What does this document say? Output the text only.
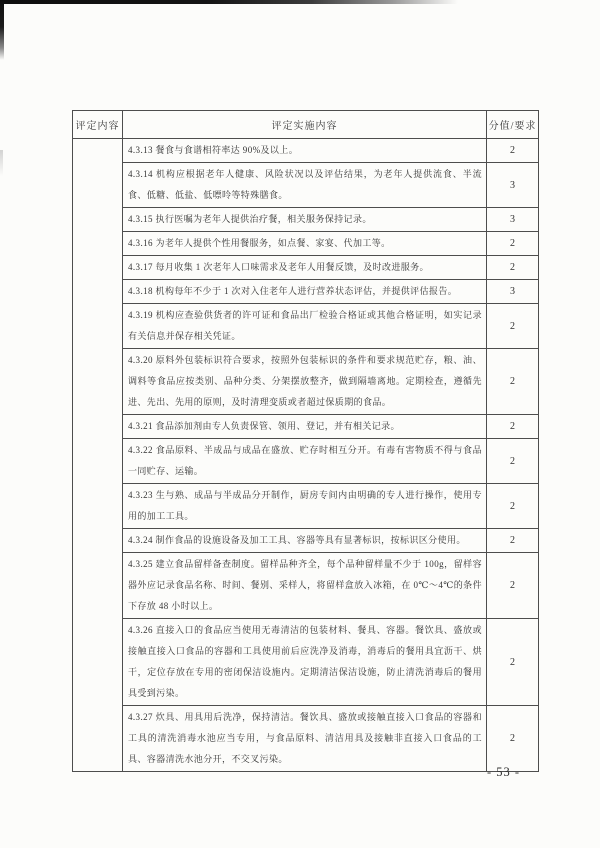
评定内容	评定实施内容	分值/要求
	4.3.13 餐食与食谱相符率达 90%及以上。	2
	4.3.14 机构应根据老年人健康、风险状况以及评估结果，为老年人提供流食、半流食、低糖、低盐、低嘌呤等特殊膳食。	3
	4.3.15 执行医嘱为老年人提供治疗餐，相关服务保持记录。	3
	4.3.16 为老年人提供个性用餐服务，如点餐、家宴、代加工等。	2
	4.3.17 每月收集 1 次老年人口味需求及老年人用餐反馈，及时改进服务。	2
	4.3.18 机构每年不少于 1 次对入住老年人进行营养状态评估，并提供评估报告。	3
	4.3.19 机构应查验供货者的许可证和食品出厂检验合格证或其他合格证明，如实记录有关信息并保存相关凭证。	2
	4.3.20 原料外包装标识符合要求，按照外包装标识的条件和要求规范贮存，粮、油、调料等食品应按类别、品种分类、分架摆放整齐，做到隔墙离地。定期检查，遵循先进、先出、先用的原则，及时清理变质或者超过保质期的食品。	2
	4.3.21 食品添加剂由专人负责保管、领用、登记，并有相关记录。	2
	4.3.22 食品原料、半成品与成品在盛放、贮存时相互分开。有毒有害物质不得与食品一同贮存、运输。	2
	4.3.23 生与熟、成品与半成品分开制作，厨房专间内由明确的专人进行操作，使用专用的加工工具。	2
	4.3.24 制作食品的设施设备及加工工具、容器等具有显著标识，按标识区分使用。	2
	4.3.25 建立食品留样备查制度。留样品种齐全，每个品种留样量不少于 100g，留样容器外应记录食品名称、时间、餐别、采样人，将留样盒放入冰箱，在 0℃～4℃的条件下存放 48 小时以上。	2
	4.3.26 直接入口的食品应当使用无毒清洁的包装材料、餐具、容器。餐饮具、盛放或接触直接入口食品的容器和工具使用前后应洗净及消毒，消毒后的餐用具宜沥干、烘干，定位存放在专用的密闭保洁设施内。定期清洁保洁设施，防止清洗消毒后的餐用具受到污染。	2
	4.3.27 炊具、用具用后洗净，保持清洁。餐饮具、盛放或接触直接入口食品的容器和工具的清洗消毒水池应当专用，与食品原料、清洁用具及接触非直接入口食品的工具、容器清洗水池分开，不交叉污染。	2
- 53 -
